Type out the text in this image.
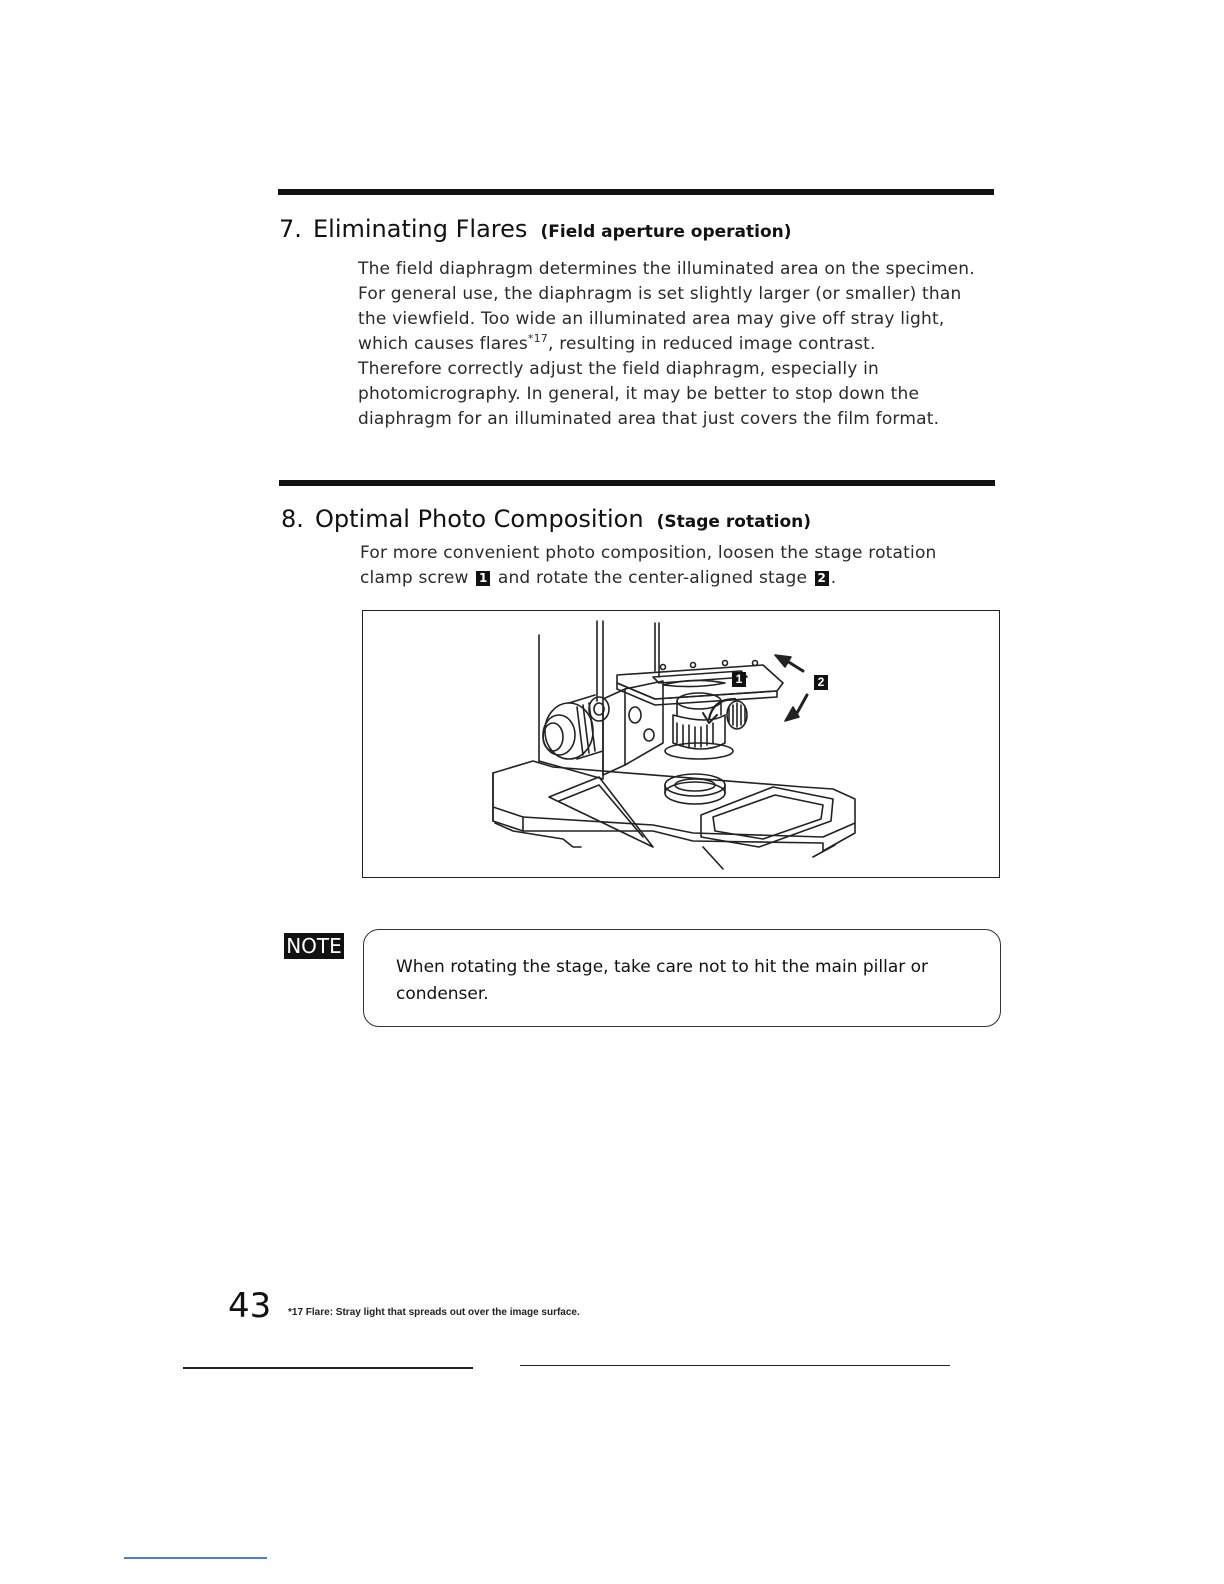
7. Eliminating Flares (Field aperture operation)
The field diaphragm determines the illuminated area on the specimen.
For general use, the diaphragm is set slightly larger (or smaller) than
the viewfield. Too wide an illuminated area may give off stray light,
which causes flares$^{*17}$, resulting in reduced image contrast.
Therefore correctly adjust the field diaphragm, especially in
photomicrography. In general, it may be better to stop down the
diaphragm for an illuminated area that just covers the film format.
8. Optimal Photo Composition (Stage rotation)
For more convenient photo composition, loosen the stage rotation
clamp screw 1 and rotate the center-aligned stage 2 .
1	2
NOTE
When rotating the stage, take care not to hit the main pillar or
condenser.
43 *17 Flare: Stray light that spreads out over the image surface.
